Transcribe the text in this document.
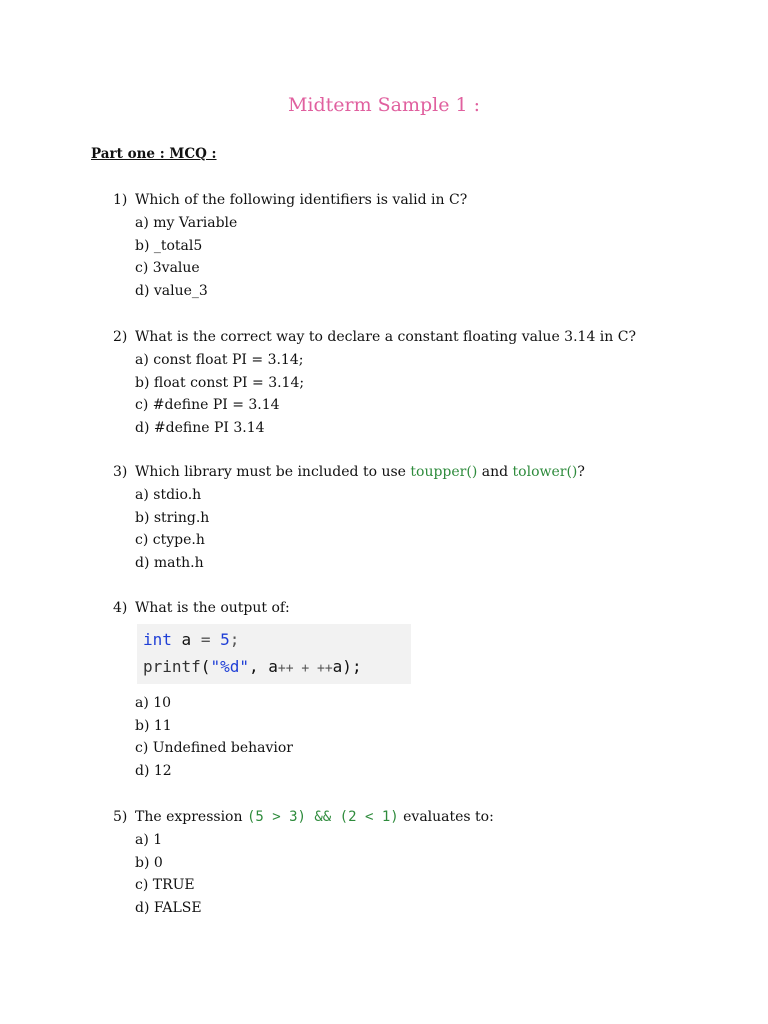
Midterm Sample 1 :
Part one : MCQ :
1) Which of the following identifiers is valid in C?
a) my Variable
b) _total5
c) 3value
d) value_3
2) What is the correct way to declare a constant floating value 3.14 in C?
a) const float PI = 3.14;
b) float const PI = 3.14;
c) #define PI = 3.14
d) #define PI 3.14
3) Which library must be included to use toupper() and tolower()?
a) stdio.h
b) string.h
c) ctype.h
d) math.h
4) What is the output of:
int a = 5;
printf("%d", a++ + ++a);
a) 10
b) 11
c) Undefined behavior
d) 12
5) The expression (5 > 3) && (2 < 1) evaluates to:
a) 1
b) 0
c) TRUE
d) FALSE
